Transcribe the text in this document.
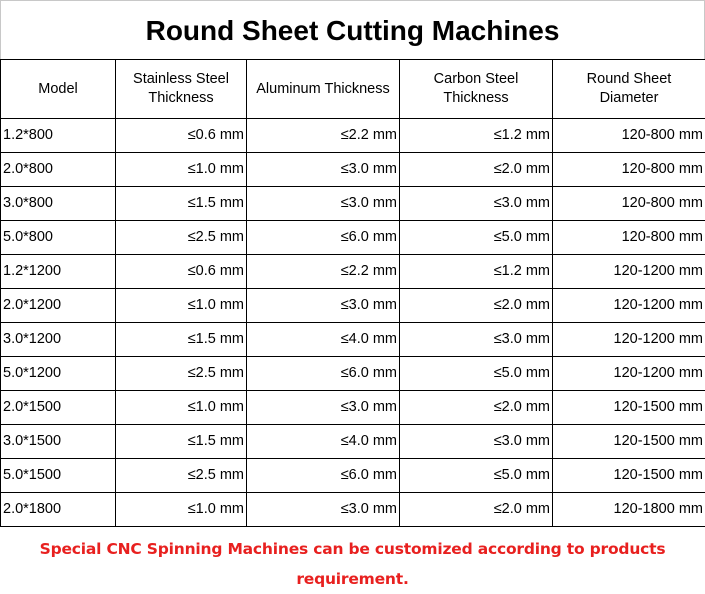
Round Sheet Cutting Machines
Model	Stainless Steel Thickness	Aluminum Thickness	Carbon Steel Thickness	Round Sheet Diameter
1.2*800	≤0.6 mm	≤2.2 mm	≤1.2 mm	120-800 mm
2.0*800	≤1.0 mm	≤3.0 mm	≤2.0 mm	120-800 mm
3.0*800	≤1.5 mm	≤3.0 mm	≤3.0 mm	120-800 mm
5.0*800	≤2.5 mm	≤6.0 mm	≤5.0 mm	120-800 mm
1.2*1200	≤0.6 mm	≤2.2 mm	≤1.2 mm	120-1200 mm
2.0*1200	≤1.0 mm	≤3.0 mm	≤2.0 mm	120-1200 mm
3.0*1200	≤1.5 mm	≤4.0 mm	≤3.0 mm	120-1200 mm
5.0*1200	≤2.5 mm	≤6.0 mm	≤5.0 mm	120-1200 mm
2.0*1500	≤1.0 mm	≤3.0 mm	≤2.0 mm	120-1500 mm
3.0*1500	≤1.5 mm	≤4.0 mm	≤3.0 mm	120-1500 mm
5.0*1500	≤2.5 mm	≤6.0 mm	≤5.0 mm	120-1500 mm
2.0*1800	≤1.0 mm	≤3.0 mm	≤2.0 mm	120-1800 mm
Special CNC Spinning Machines can be customized according to products requirement.
